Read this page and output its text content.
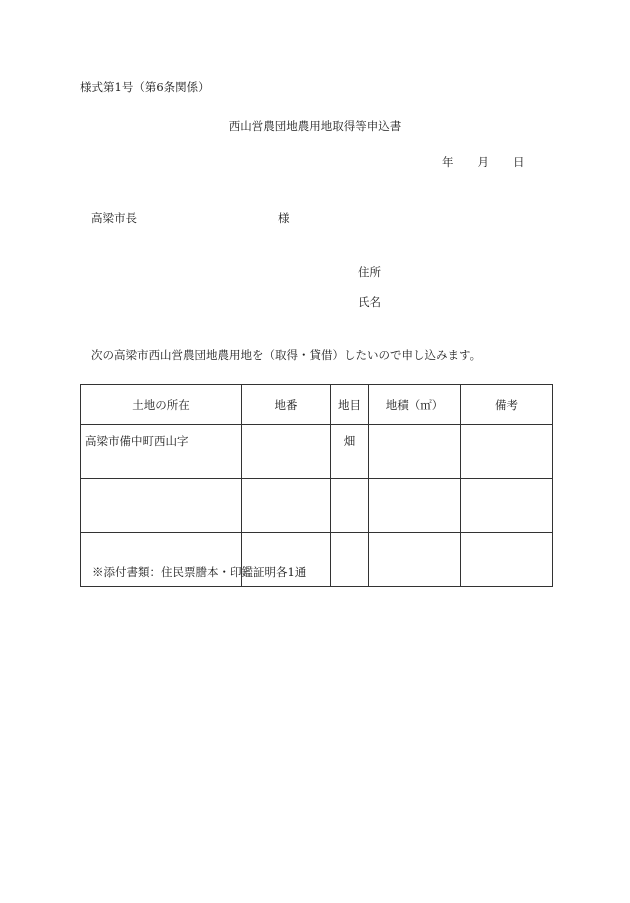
様式第1号（第6条関係）
西山営農団地農用地取得等申込書
年 月 日
高梁市長	様
住所
氏名
次の高梁市西山営農団地農用地を（取得・貸借）したいので申し込みます。
土地の所在	地番	地目	地積（㎡）	備考
高梁市備中町西山字		畑		

※添付書類：住民票謄本・印鑑証明各1通
